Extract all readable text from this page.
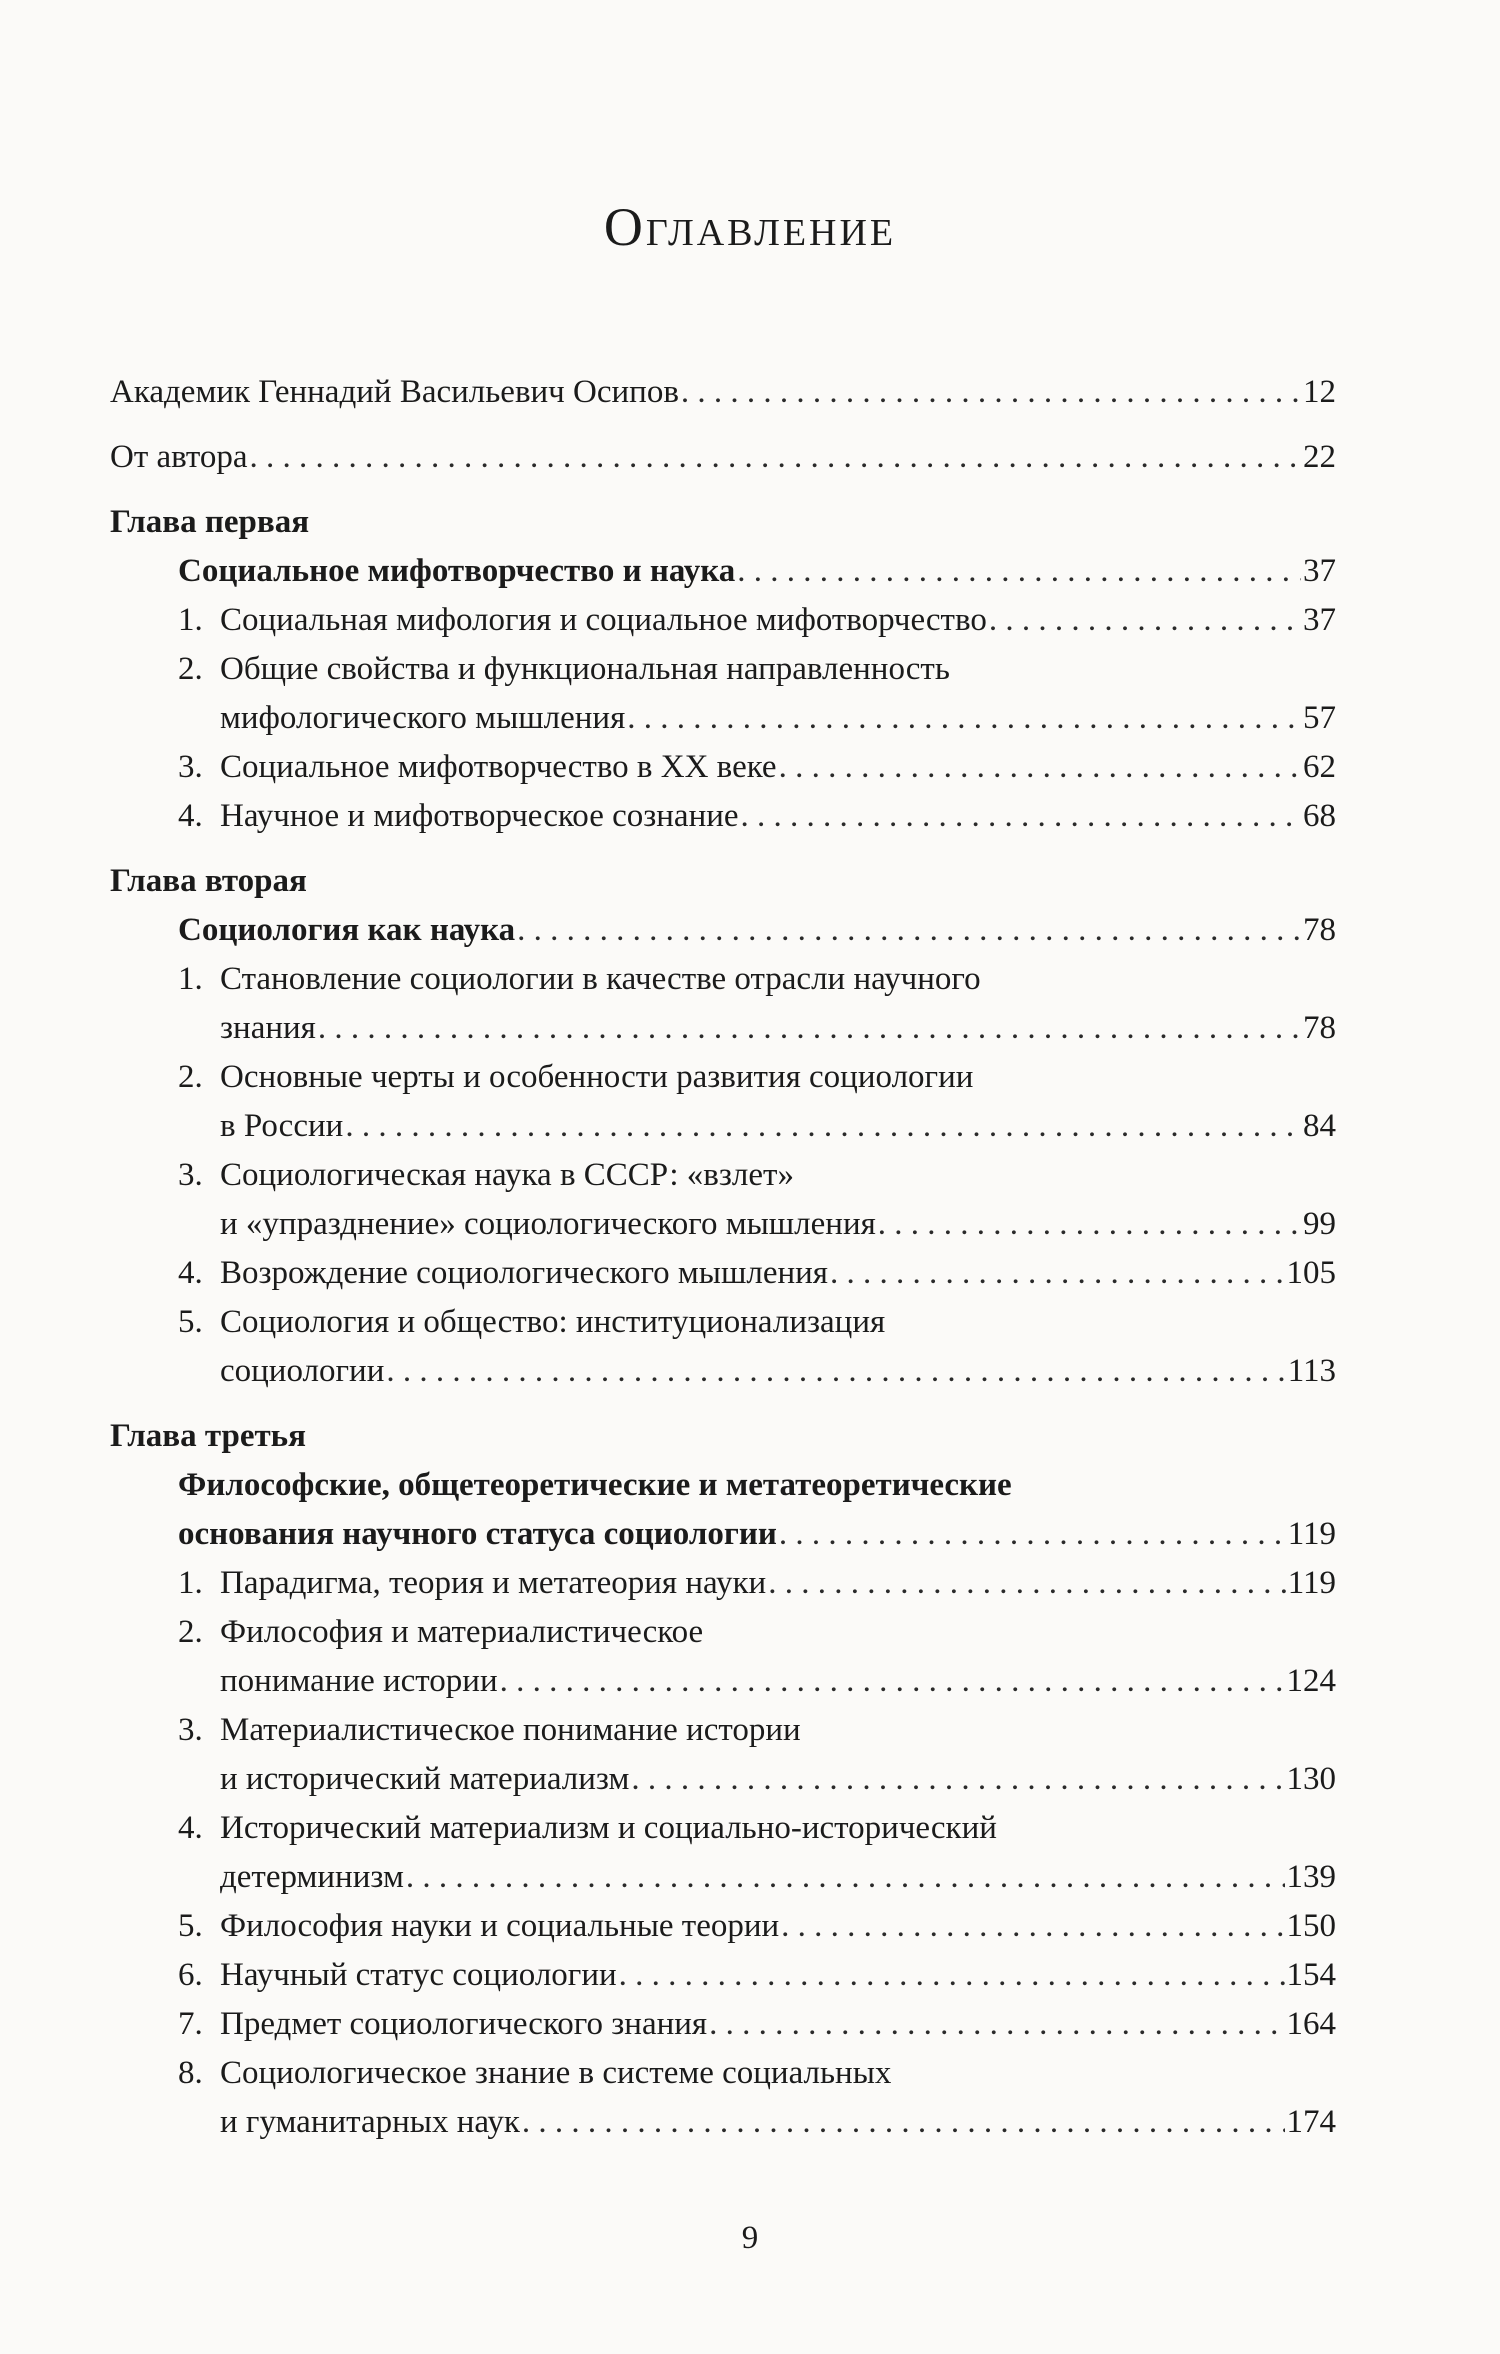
Оглавление
Академик Геннадий Васильевич Осипов . . .	12
От автора . . .	22
Глава первая
Социальное мифотворчество и наука . . .	37
1. Социальная мифология и социальное мифотворчество . . .	37
2. Общие свойства и функциональная направленность
мифологического мышления . . .	57
3. Социальное мифотворчество в XX веке . . .	62
4. Научное и мифотворческое сознание . . .	68
Глава вторая
Социология как наука . . .	78
1. Становление социологии в качестве отрасли научного
знания . . .	78
2. Основные черты и особенности развития социологии
в России . . .	84
3. Социологическая наука в СССР: «взлет»
и «упразднение» социологического мышления . . .	99
4. Возрождение социологического мышления . . .	105
5. Социология и общество: институционализация
социологии . . .	113
Глава третья
Философские, общетеоретические и метатеоретические
основания научного статуса социологии . . .	119
1. Парадигма, теория и метатеория науки . . .	119
2. Философия и материалистическое
понимание истории . . .	124
3. Материалистическое понимание истории
и исторический материализм . . .	130
4. Исторический материализм и социально-исторический
детерминизм . . .	139
5. Философия науки и социальные теории . . .	150
6. Научный статус социологии . . .	154
7. Предмет социологического знания . . .	164
8. Социологическое знание в системе социальных
и гуманитарных наук . . .	174
9
